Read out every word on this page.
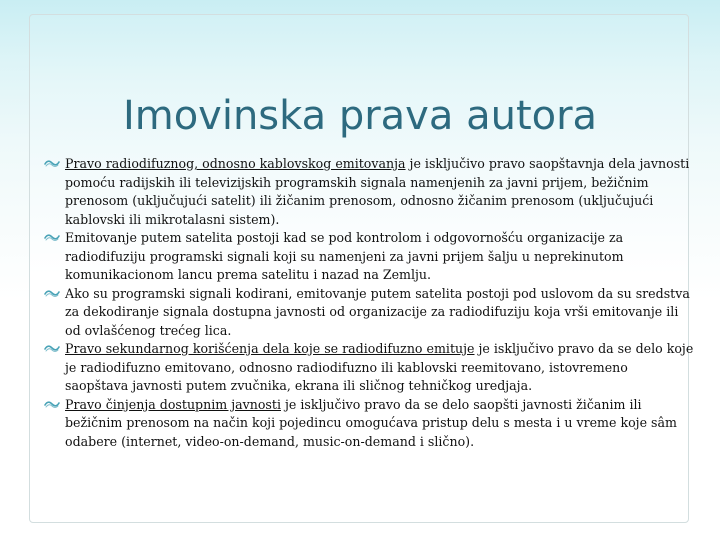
Imovinska prava autora
Pravo radiodifuznog, odnosno kablovskog emitovanja je isključivo pravo saopštavnja dela javnosti pomoću radijskih ili televizijskih programskih signala namenjenih za javni prijem, bežičnim prenosom (uključujući satelit) ili žičanim prenosom, odnosno žičanim prenosom (uključujući kablovski ili mikrotalasni sistem).
Emitovanje putem satelita postoji kad se pod kontrolom i odgovornošću organizacije za radiodifuziju programski signali koji su namenjeni za javni prijem šalju u neprekinutom komunikacionom lancu prema satelitu i nazad na Zemlju.
Ako su programski signali kodirani, emitovanje putem satelita postoji pod uslovom da su sredstva za dekodiranje signala dostupna javnosti od organizacije za radiodifuziju koja vrši emitovanje ili od ovlašćenog trećeg lica.
Pravo sekundarnog korišćenja dela koje se radiodifuzno emituje je isključivo pravo da se delo koje je radiodifuzno emitovano, odnosno radiodifuzno ili kablovski reemitovano, istovremeno saopštava javnosti putem zvučnika, ekrana ili sličnog tehničkog uredjaja.
Pravo činjenja dostupnim javnosti je isključivo pravo da se delo saopšti javnosti žičanim ili bežičnim prenosom na način koji pojedincu omogućava pristup delu s mesta i u vreme koje sâm odabere (internet, video-on-demand, music-on-demand i slično).
